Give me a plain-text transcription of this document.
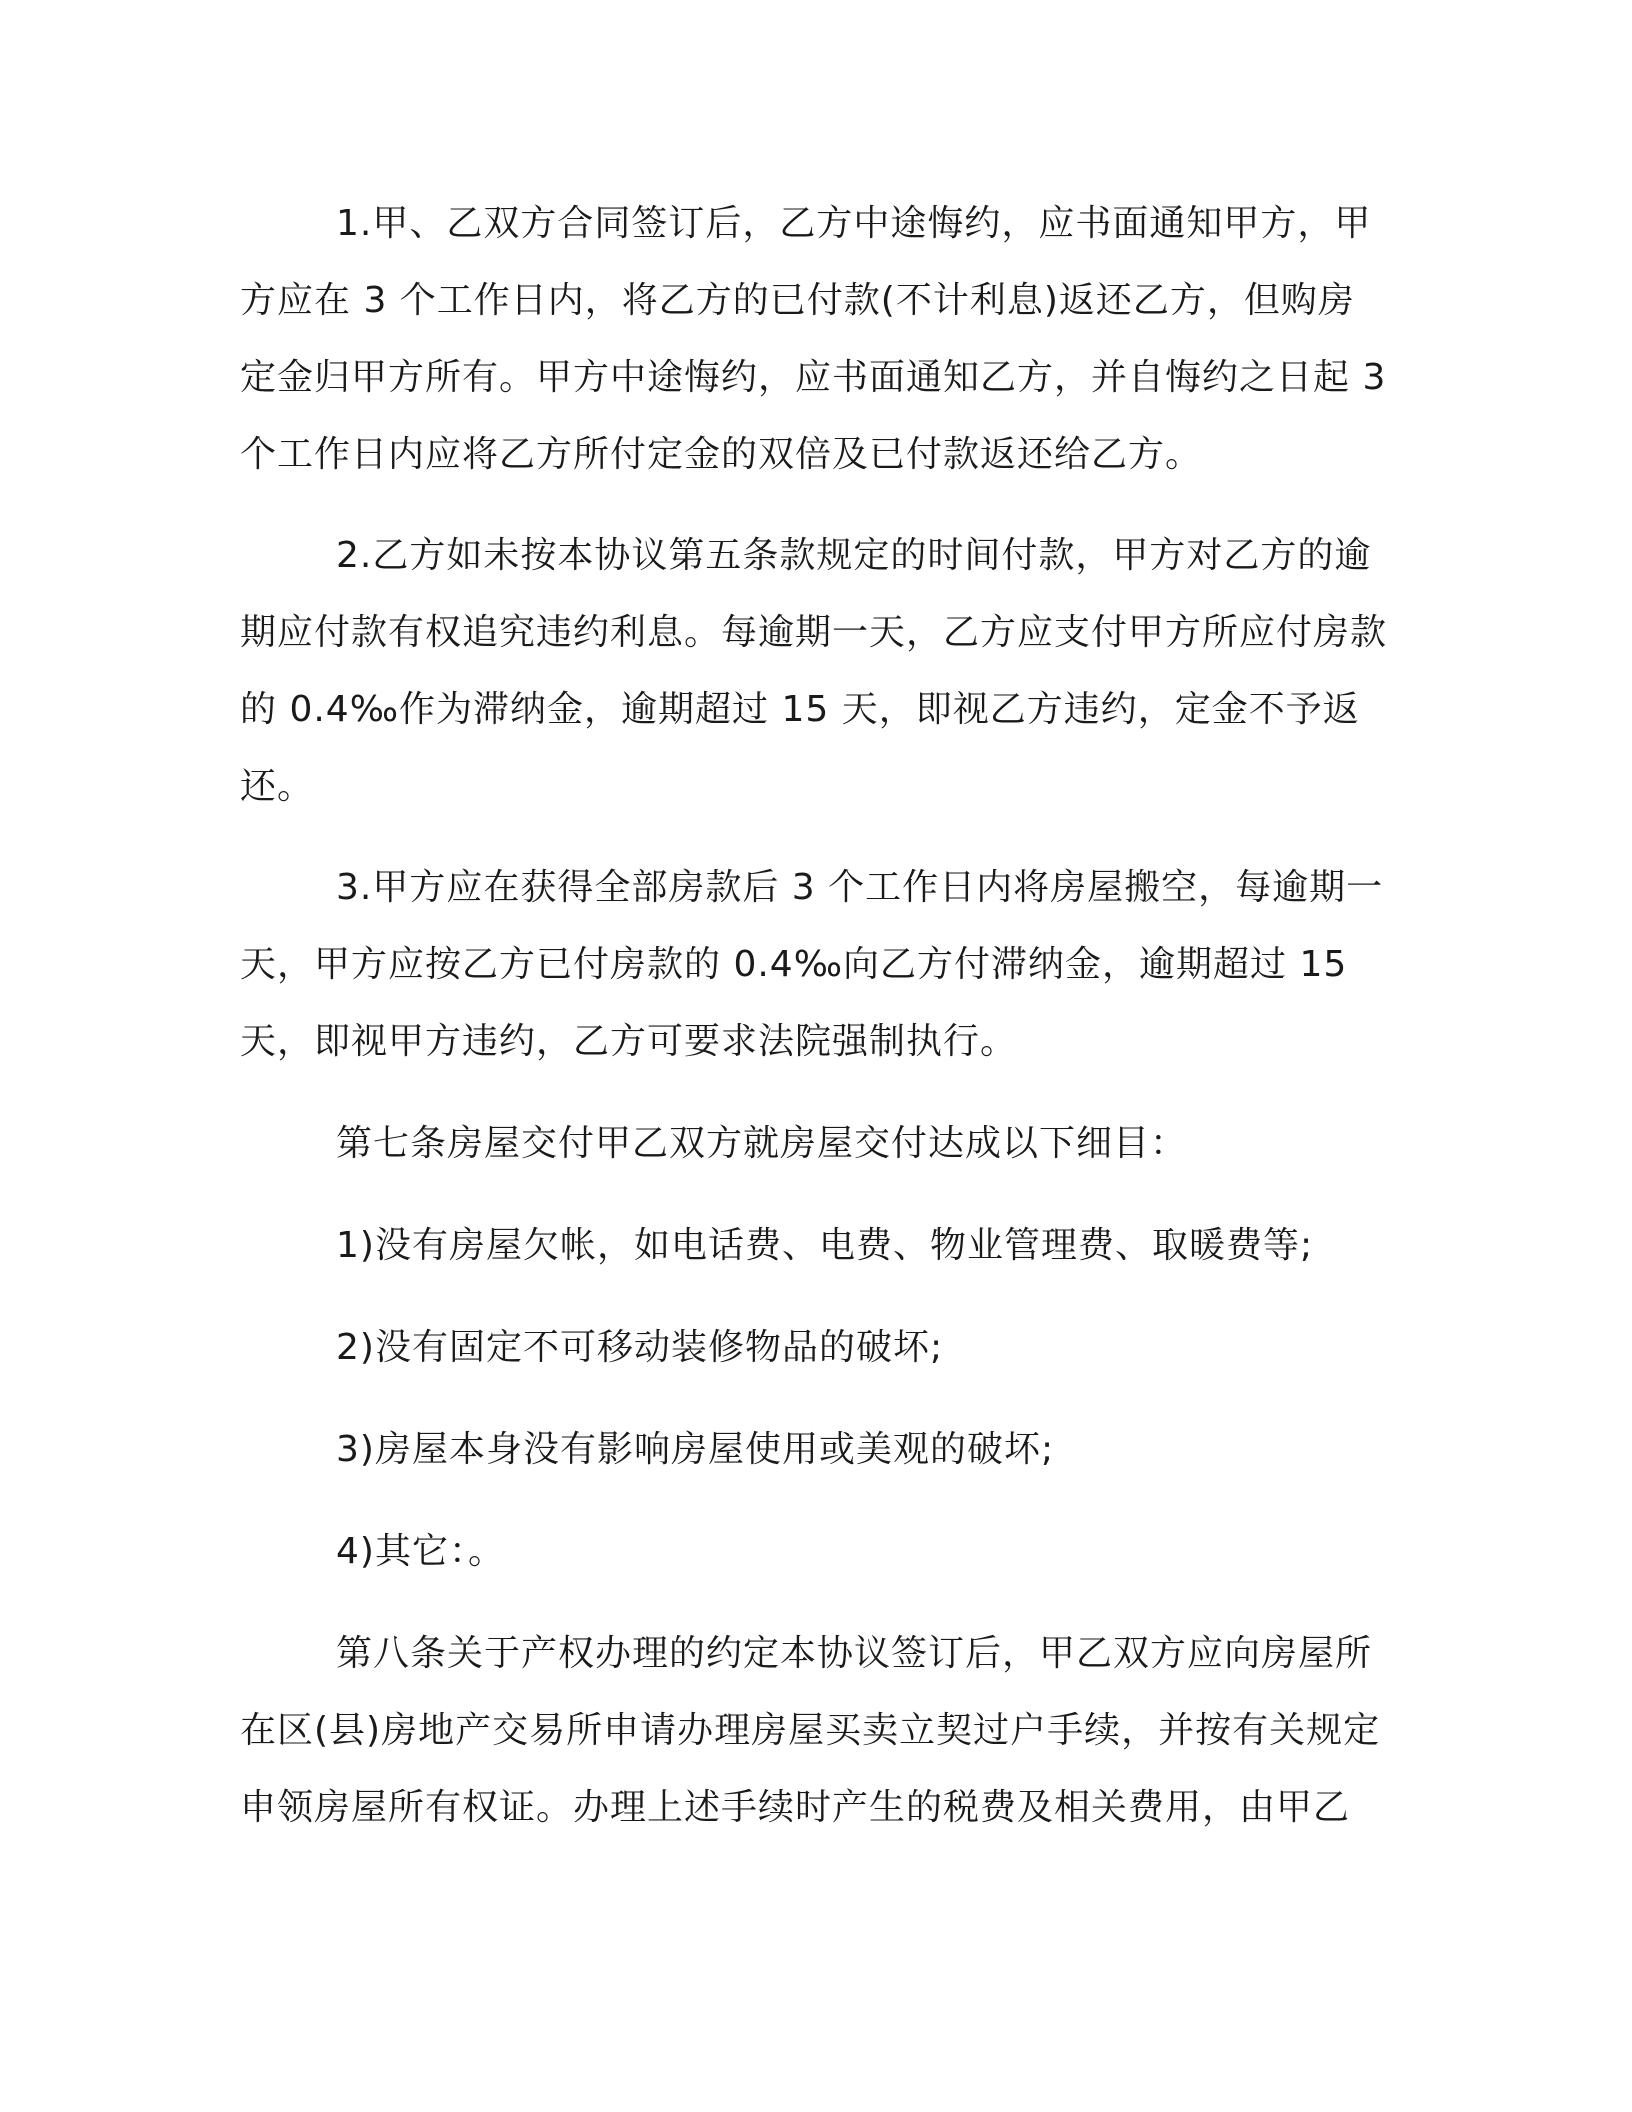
1.甲、乙双方合同签订后，乙方中途悔约，应书面通知甲方，甲方应在 3 个工作日内，将乙方的已付款(不计利息)返还乙方，但购房定金归甲方所有。甲方中途悔约，应书面通知乙方，并自悔约之日起 3 个工作日内应将乙方所付定金的双倍及已付款返还给乙方。

2.乙方如未按本协议第五条款规定的时间付款，甲方对乙方的逾期应付款有权追究违约利息。每逾期一天，乙方应支付甲方所应付房款的 0.4‰作为滞纳金，逾期超过 15 天，即视乙方违约，定金不予返还。

3.甲方应在获得全部房款后 3 个工作日内将房屋搬空，每逾期一天，甲方应按乙方已付房款的 0.4‰向乙方付滞纳金，逾期超过 15 天，即视甲方违约，乙方可要求法院强制执行。

第七条房屋交付甲乙双方就房屋交付达成以下细目：

1)没有房屋欠帐，如电话费、电费、物业管理费、取暖费等;

2)没有固定不可移动装修物品的破坏;

3)房屋本身没有影响房屋使用或美观的破坏;

4)其它：。

第八条关于产权办理的约定本协议签订后，甲乙双方应向房屋所在区(县)房地产交易所申请办理房屋买卖立契过户手续，并按有关规定申领房屋所有权证。办理上述手续时产生的税费及相关费用，由甲乙
